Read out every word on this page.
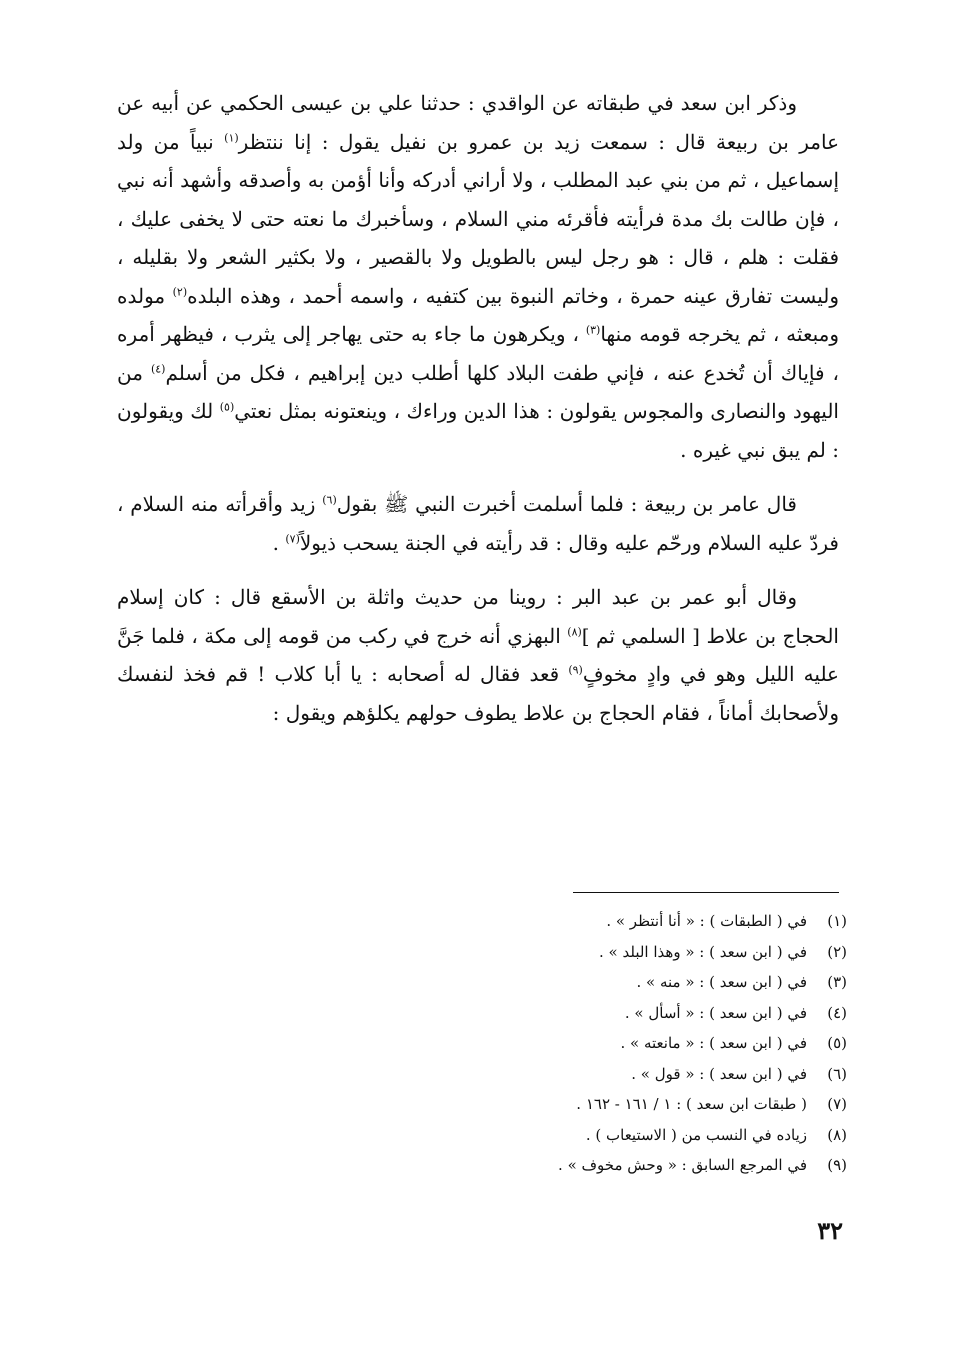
وذكر ابن سعد في طبقاته عن الواقدي : حدثنا علي بن عيسى الحكمي عن أبيه عن عامر بن ربيعة قال : سمعت زيد بن عمرو بن نفيل يقول : إنا ننتظر$^{(١)}$ نبياً من ولد إسماعيل ، ثم من بني عبد المطلب ، ولا أراني أدركه وأنا أؤمن به وأصدقه وأشهد أنه نبي ، فإن طالت بك مدة فرأيته فأقرئه مني السلام ، وسأخبرك ما نعته حتى لا يخفى عليك ، فقلت : هلم ، قال : هو رجل ليس بالطويل ولا بالقصير ، ولا بكثير الشعر ولا بقليله ، وليست تفارق عينه حمرة ، وخاتم النبوة بين كتفيه ، واسمه أحمد ، وهذه البلده$^{(٢)}$ مولده ومبعثه ، ثم يخرجه قومه منها$^{(٣)}$ ، ويكرهون ما جاء به حتى يهاجر إلى يثرب ، فيظهر أمره ، فإياك أن تُخدع عنه ، فإني طفت البلاد كلها أطلب دين إبراهيم ، فكل من أسلم$^{(٤)}$ من اليهود والنصارى والمجوس يقولون : هذا الدين وراءك ، وينعتونه بمثل نعتي$^{(٥)}$ لك ويقولون : لم يبق نبي غيره .

قال عامر بن ربيعة : فلما أسلمت أخبرت النبي ﷺ بقول$^{(٦)}$ زيد وأقرأته منه السلام ، فردّ عليه السلام ورحّم عليه وقال : قد رأيته في الجنة يسحب ذيولاً$^{(٧)}$ .

وقال أبو عمر بن عبد البر : روينا من حديث واثلة بن الأسقع قال : كان إسلام الحجاج بن علاط [ السلمي ثم ]$^{(٨)}$ البهزي أنه خرج في ركب من قومه إلى مكة ، فلما جَنَّ عليه الليل وهو في وادٍ مخوفٍ$^{(٩)}$ قعد فقال له أصحابه : يا أبا كلاب ! قم فخذ لنفسك ولأصحابك أماناً ، فقام الحجاج بن علاط يطوف حولهم يكلؤهم ويقول :

(١)
في ( الطبقات ) : « أنا أنتظر » .
(٢)
في ( ابن سعد ) : « وهذا البلد » .
(٣)
في ( ابن سعد ) : « منه » .
(٤)
في ( ابن سعد ) : « أسأل » .
(٥)
في ( ابن سعد ) : « مانعته » .
(٦)
في ( ابن سعد ) : « قول » .
(٧)
( طبقات ابن سعد ) : ١ / ١٦١ - ١٦٢ .
(٨)
زياده في النسب من ( الاستيعاب ) .
(٩)
في المرجع السابق : « وحش مخوف » .
٣٢
